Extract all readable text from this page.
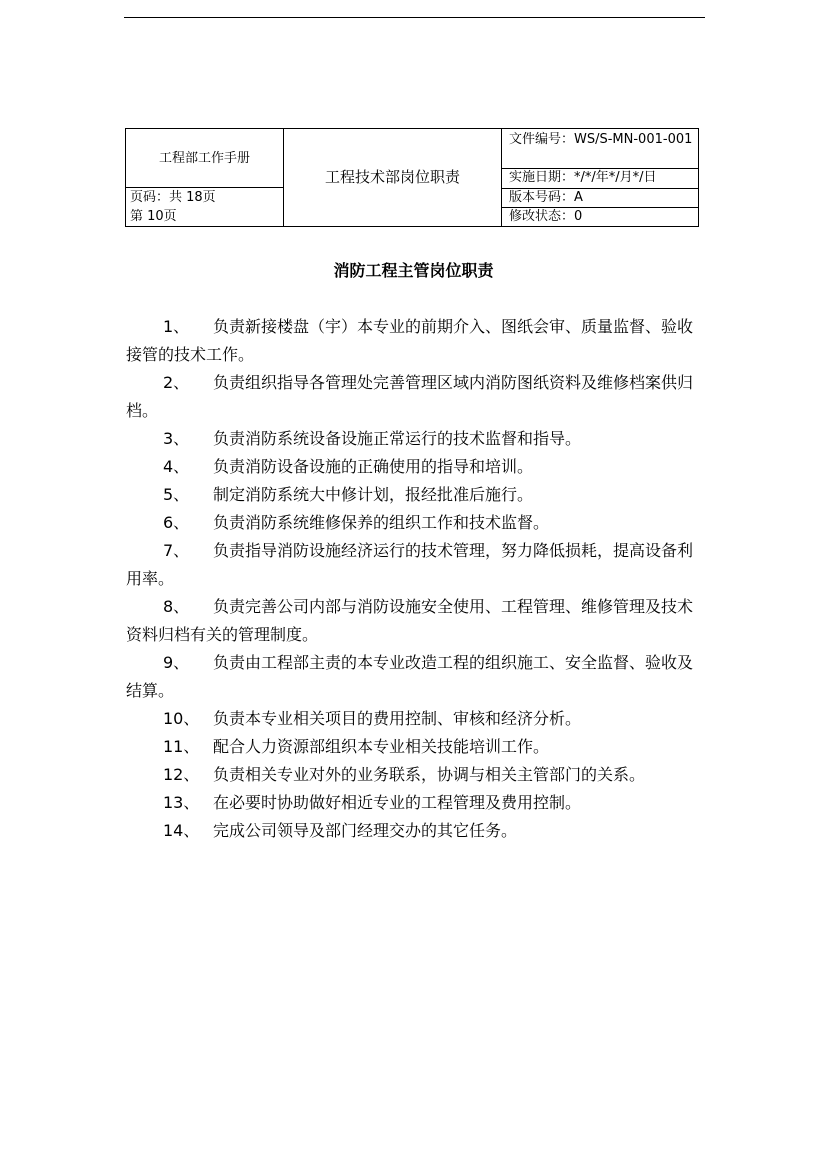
工程部工作手册
页码：共 18页
第 10页
工程技术部岗位职责
文件编号：WS/S-MN-001-001
实施日期：*/*/年*/月*/日
版本号码：A
修改状态：0
消防工程主管岗位职责
1、 负责新接楼盘（宇）本专业的前期介入、图纸会审、质量监督、验收接管的技术工作。
2、 负责组织指导各管理处完善管理区域内消防图纸资料及维修档案供归档。
3、 负责消防系统设备设施正常运行的技术监督和指导。
4、 负责消防设备设施的正确使用的指导和培训。
5、 制定消防系统大中修计划，报经批准后施行。
6、 负责消防系统维修保养的组织工作和技术监督。
7、 负责指导消防设施经济运行的技术管理，努力降低损耗，提高设备利用率。
8、 负责完善公司内部与消防设施安全使用、工程管理、维修管理及技术资料归档有关的管理制度。
9、 负责由工程部主责的本专业改造工程的组织施工、安全监督、验收及结算。
10、 负责本专业相关项目的费用控制、审核和经济分析。
11、 配合人力资源部组织本专业相关技能培训工作。
12、 负责相关专业对外的业务联系，协调与相关主管部门的关系。
13、 在必要时协助做好相近专业的工程管理及费用控制。
14、 完成公司领导及部门经理交办的其它任务。
